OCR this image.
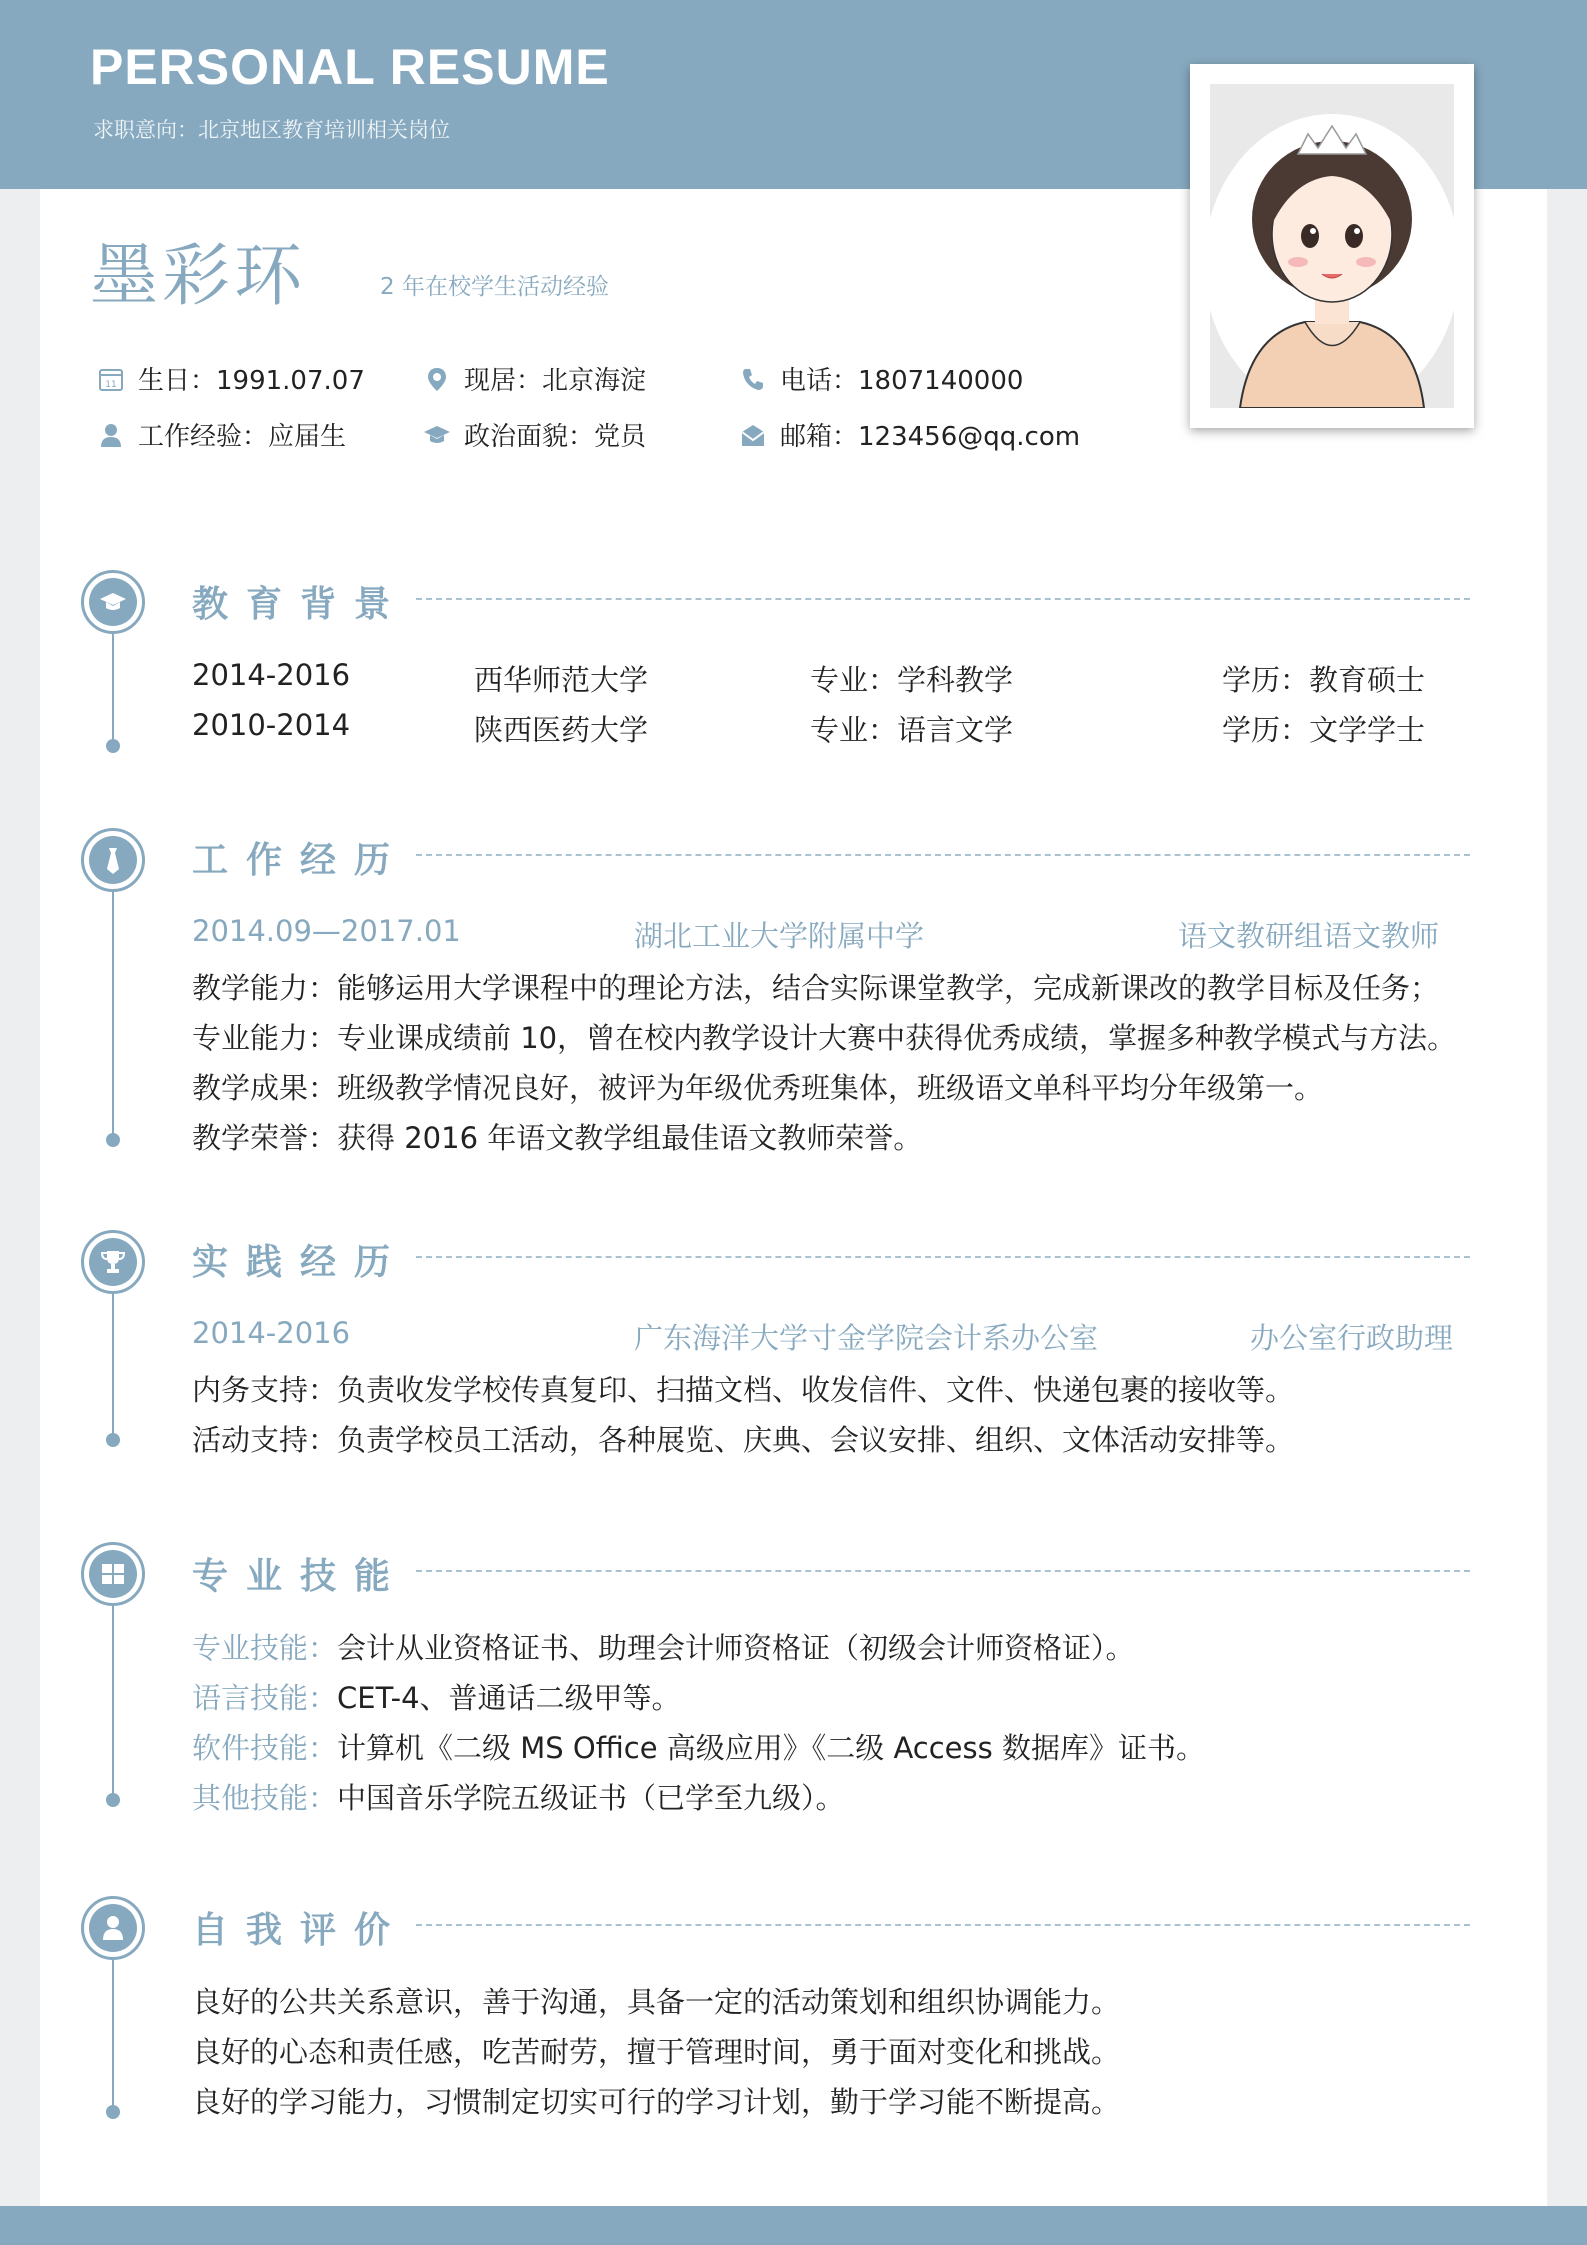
PERSONAL RESUME
求职意向：北京地区教育培训相关岗位
墨彩环	2 年在校学生活动经验
11 生日：1991.07.07	现居：北京海淀	电话：1807140000
工作经验：应届生	政治面貌：党员	邮箱：123456@qq.com
教育背景
2014-2016	西华师范大学	专业：学科教学	学历：教育硕士
2010-2014	陕西医药大学	专业：语言文学	学历：文学学士
工作经历
2014.09—2017.01	湖北工业大学附属中学	语文教研组语文教师
教学能力：能够运用大学课程中的理论方法，结合实际课堂教学，完成新课改的教学目标及任务；
专业能力：专业课成绩前 10，曾在校内教学设计大赛中获得优秀成绩，掌握多种教学模式与方法。
教学成果：班级教学情况良好，被评为年级优秀班集体，班级语文单科平均分年级第一。
教学荣誉：获得 2016 年语文教学组最佳语文教师荣誉。
实践经历
2014-2016	广东海洋大学寸金学院会计系办公室	办公室行政助理
内务支持：负责收发学校传真复印、扫描文档、收发信件、文件、快递包裹的接收等。
活动支持：负责学校员工活动，各种展览、庆典、会议安排、组织、文体活动安排等。
专业技能
专业技能：会计从业资格证书、助理会计师资格证（初级会计师资格证）。
语言技能：CET-4、普通话二级甲等。
软件技能：计算机《二级 MS Office 高级应用》《二级 Access 数据库》证书。
其他技能：中国音乐学院五级证书（已学至九级）。
自我评价
良好的公共关系意识，善于沟通，具备一定的活动策划和组织协调能力。
良好的心态和责任感，吃苦耐劳，擅于管理时间，勇于面对变化和挑战。
良好的学习能力，习惯制定切实可行的学习计划，勤于学习能不断提高。
